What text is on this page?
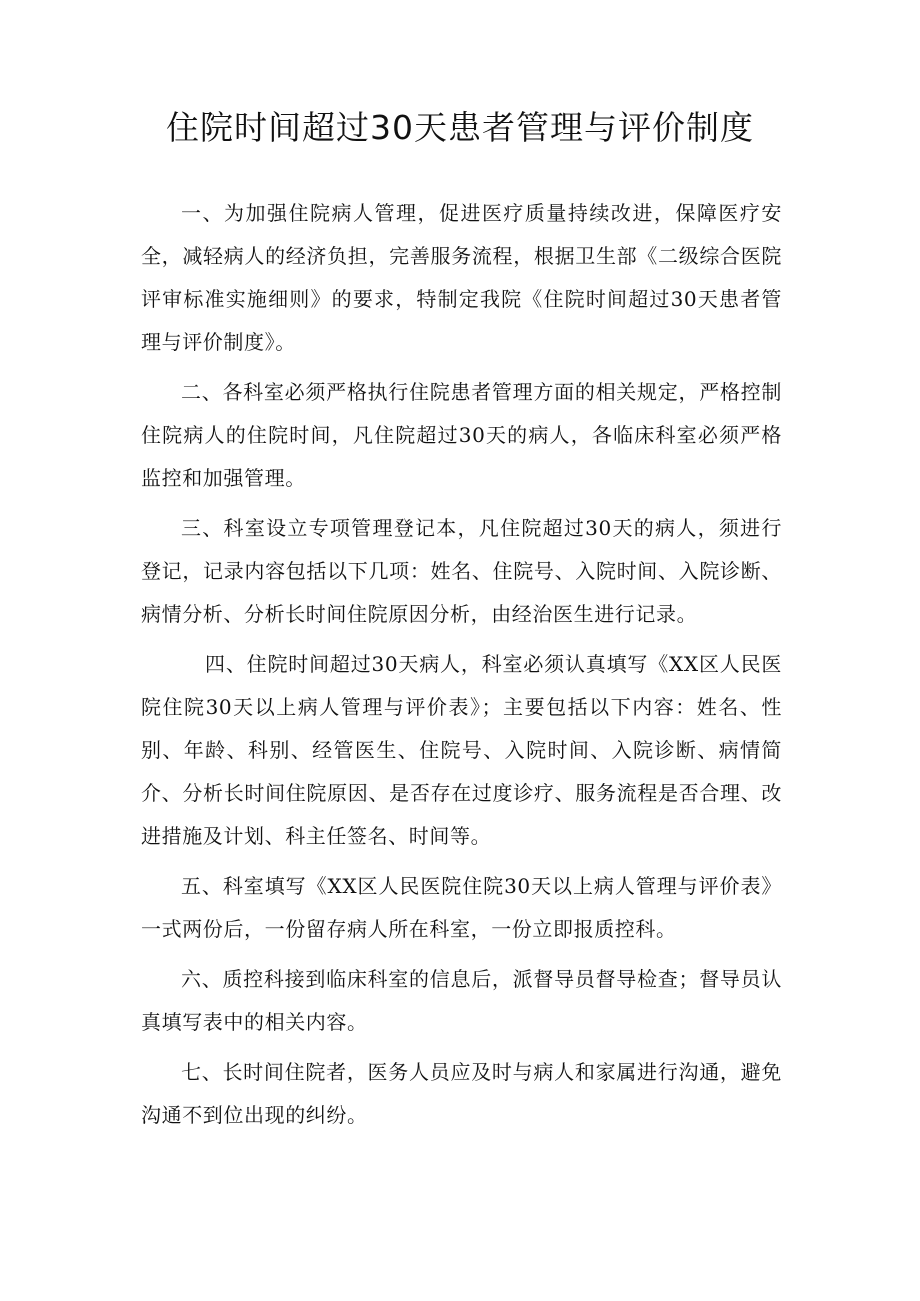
住院时间超过30天患者管理与评价制度

一、为加强住院病人管理，促进医疗质量持续改进，保障医疗安全，减轻病人的经济负担，完善服务流程，根据卫生部《二级综合医院评审标准实施细则》的要求，特制定我院《住院时间超过30天患者管理与评价制度》。

二、各科室必须严格执行住院患者管理方面的相关规定，严格控制住院病人的住院时间，凡住院超过30天的病人，各临床科室必须严格监控和加强管理。

三、科室设立专项管理登记本，凡住院超过30天的病人，须进行登记，记录内容包括以下几项：姓名、住院号、入院时间、入院诊断、病情分析、分析长时间住院原因分析，由经治医生进行记录。

四、住院时间超过30天病人，科室必须认真填写《XX区人民医院住院30天以上病人管理与评价表》；主要包括以下内容：姓名、性别、年龄、科别、经管医生、住院号、入院时间、入院诊断、病情简介、分析长时间住院原因、是否存在过度诊疗、服务流程是否合理、改进措施及计划、科主任签名、时间等。

五、科室填写《XX区人民医院住院30天以上病人管理与评价表》一式两份后，一份留存病人所在科室，一份立即报质控科。

六、质控科接到临床科室的信息后，派督导员督导检查；督导员认真填写表中的相关内容。

七、长时间住院者，医务人员应及时与病人和家属进行沟通，避免沟通不到位出现的纠纷。
